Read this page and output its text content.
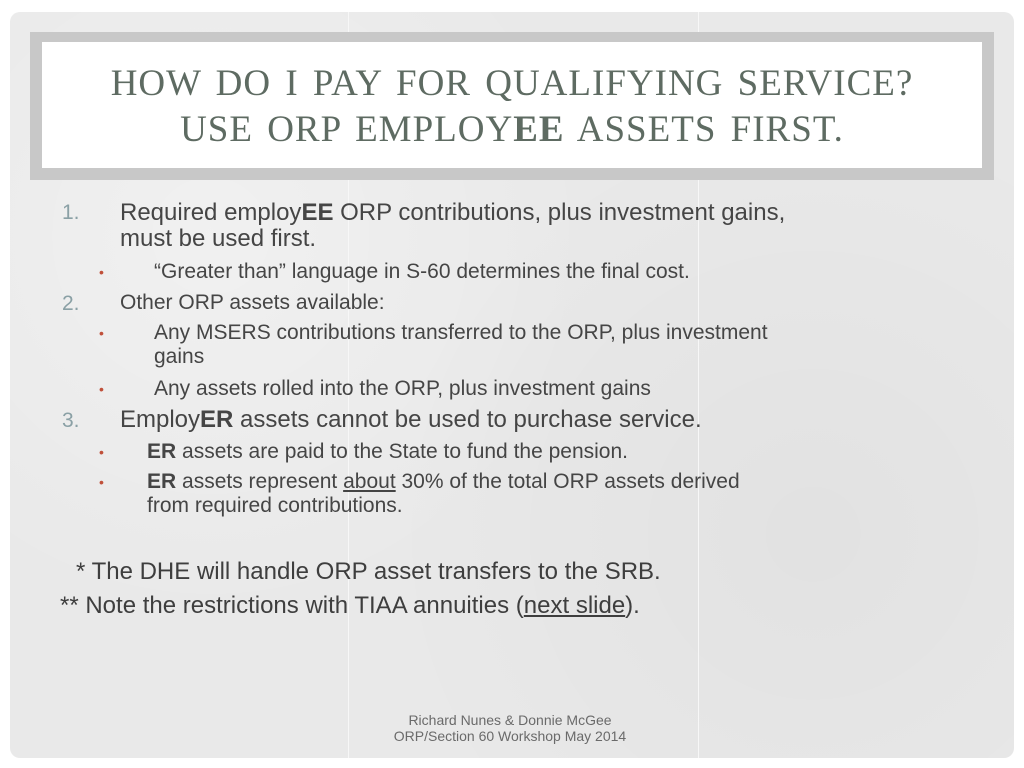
HOW DO I PAY FOR QUALIFYING SERVICE?
USE ORP EMPLOYEE ASSETS FIRST.
1. Required employEE ORP contributions, plus investment gains,
must be used first.
• “Greater than” language in S-60 determines the final cost.
2. Other ORP assets available:
• Any MSERS contributions transferred to the ORP, plus investment
gains
• Any assets rolled into the ORP, plus investment gains
3. EmployER assets cannot be used to purchase service.
• ER assets are paid to the State to fund the pension.
• ER assets represent about 30% of the total ORP assets derived
from required contributions.
* The DHE will handle ORP asset transfers to the SRB.
** Note the restrictions with TIAA annuities (next slide).
Richard Nunes & Donnie McGee
ORP/Section 60 Workshop May 2014
